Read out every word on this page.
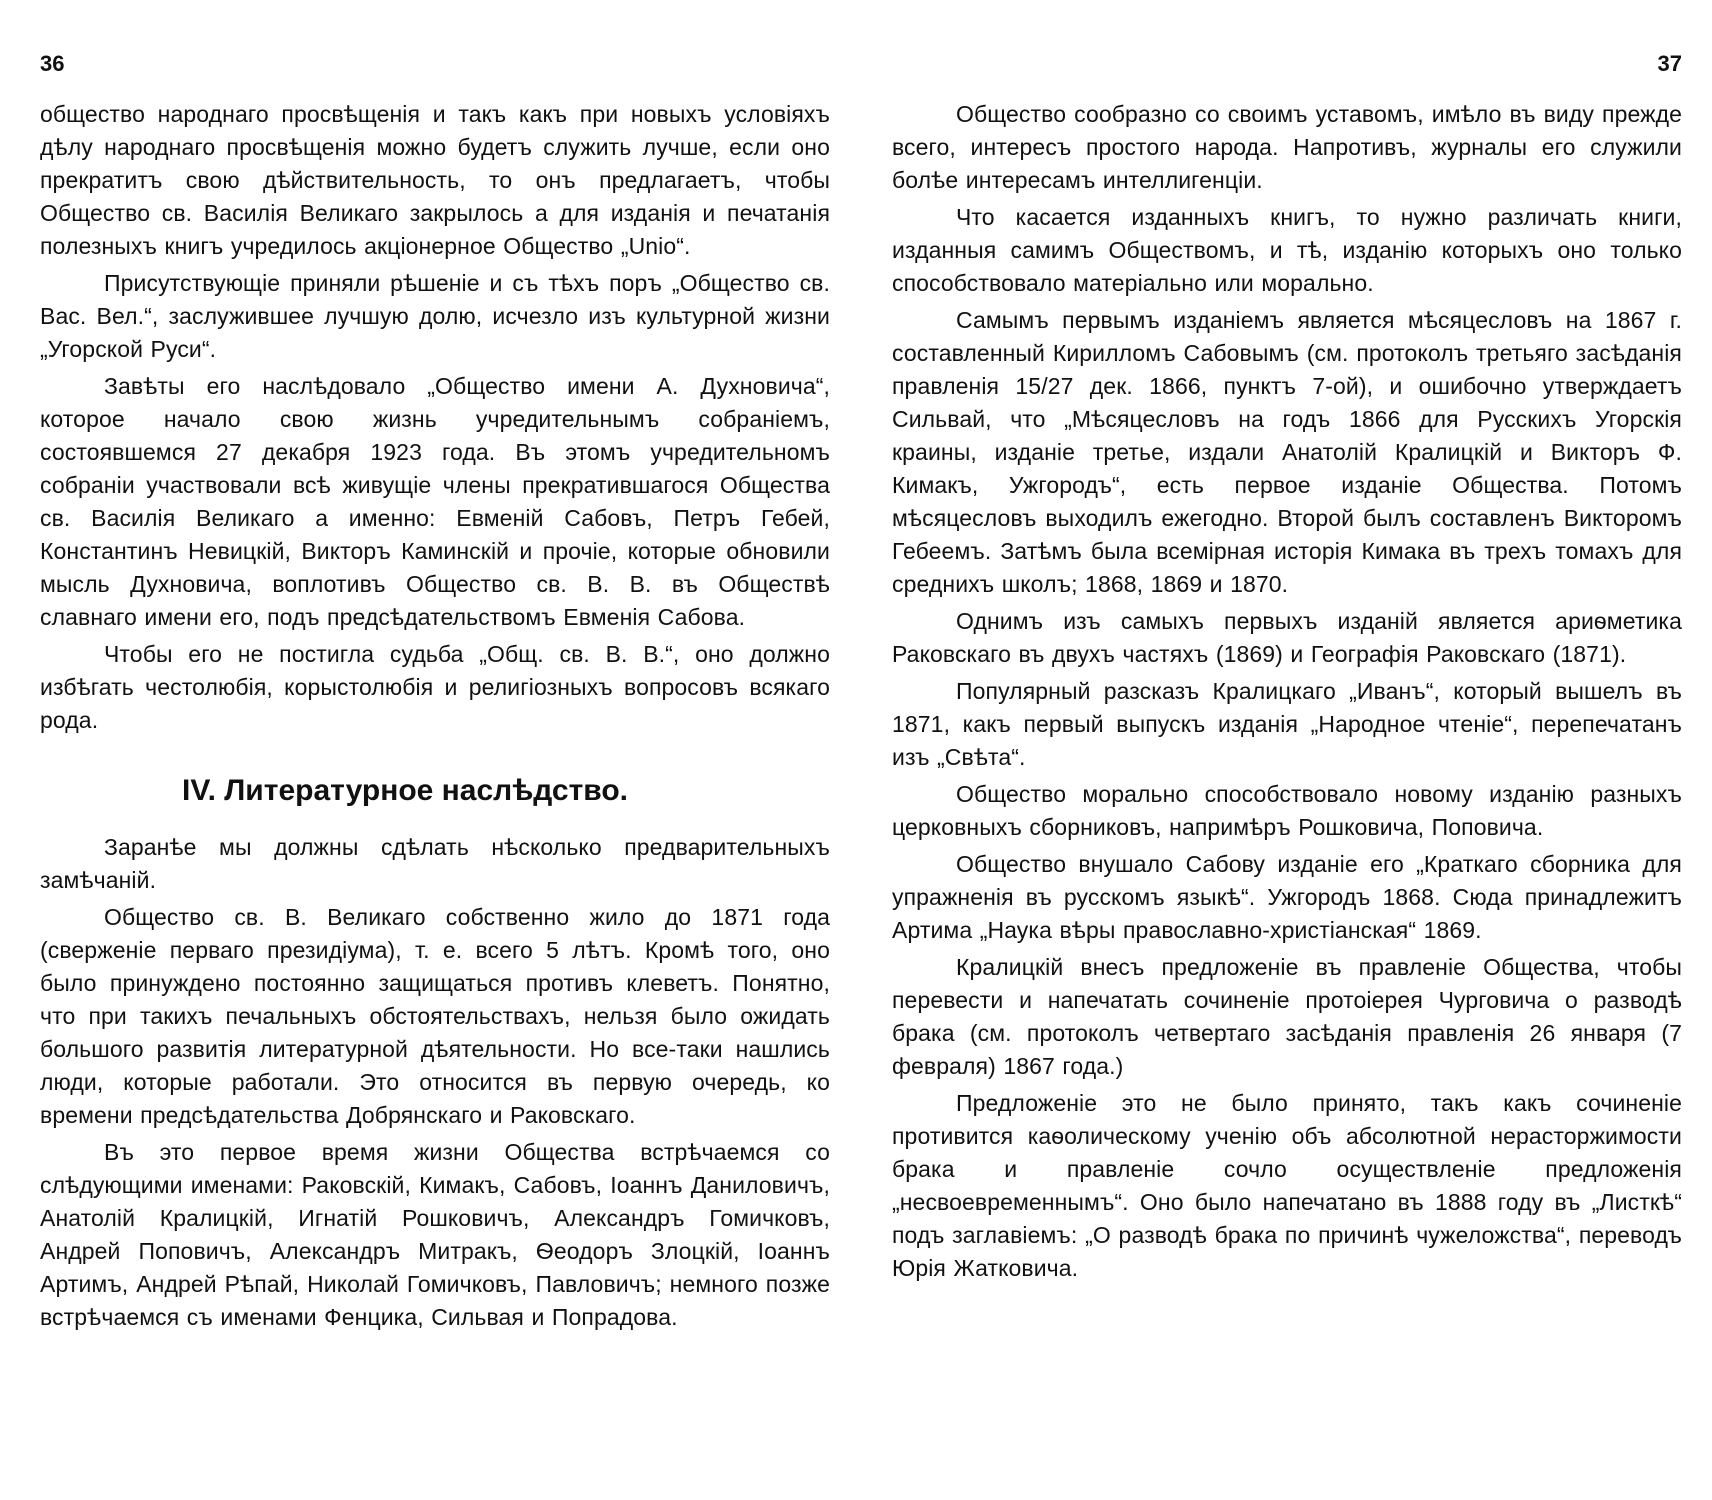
36

общество народнаго просвѣщенія и такъ какъ при новыхъ условіяхъ дѣлу народнаго просвѣщенія можно будетъ служить лучше, если оно прекратитъ свою дѣйствительность, то онъ предлагаетъ, чтобы Общество св. Василія Великаго закрылось а для изданія и печатанія полезныхъ книгъ учредилось акціонерное Общество „Unio“.

Присутствующіе приняли рѣшеніе и съ тѣхъ поръ „Общество св. Вас. Вел.“, заслужившее лучшую долю, исчезло изъ культурной жизни „Угорской Руси“.

Завѣты его наслѣдовало „Общество имени А. Духновича“, которое начало свою жизнь учредительнымъ собраніемъ, состоявшемся 27 декабря 1923 года. Въ этомъ учредительномъ собраніи участвовали всѣ живущіе члены прекратившагося Общества св. Василія Великаго а именно: Евменій Сабовъ, Петръ Гебей, Константинъ Невицкій, Викторъ Каминскій и прочіе, которые обновили мысль Духновича, воплотивъ Общество св. В. В. въ Обществѣ славнаго имени его, подъ предсѣдательствомъ Евменія Сабова.

Чтобы его не постигла судьба „Общ. св. В. В.“, оно должно избѣгать честолюбія, корыстолюбія и религіозныхъ вопросовъ всякаго рода.

IV. Литературное наслѣдство.

Заранѣе мы должны сдѣлать нѣсколько предварительныхъ замѣчаній.

Общество св. В. Великаго собственно жило до 1871 года (сверженіе перваго президіума), т. е. всего 5 лѣтъ. Кромѣ того, оно было принуждено постоянно защищаться противъ клеветъ. Понятно, что при такихъ печальныхъ обстоятельствахъ, нельзя было ожидать большого развитія литературной дѣятельности. Но все-таки нашлись люди, которые работали. Это относится въ первую очередь, ко времени предсѣдательства Добрянскаго и Раковскаго.

Въ это первое время жизни Общества встрѣчаемся со слѣдующими именами: Раковскій, Кимакъ, Сабовъ, Іоаннъ Даниловичъ, Анатолій Кралицкій, Игнатій Рошковичъ, Александръ Гомичковъ, Андрей Поповичъ, Александръ Митракъ, Ѳеодоръ Злоцкій, Іоаннъ Артимъ, Андрей Рѣпай, Николай Гомичковъ, Павловичъ; немного позже встрѣчаемся съ именами Фенцика, Сильвая и Попрадова.

37

Общество сообразно со своимъ уставомъ, имѣло въ виду прежде всего, интересъ простого народа. Напротивъ, журналы его служили болѣе интересамъ интеллигенціи.

Что касается изданныхъ книгъ, то нужно различать книги, изданныя самимъ Обществомъ, и тѣ, изданію которыхъ оно только способствовало матеріально или морально.

Самымъ первымъ изданіемъ является мѣсяцесловъ на 1867 г. составленный Кирилломъ Сабовымъ (см. протоколъ третьяго засѣданія правленія 15/27 дек. 1866, пунктъ 7-ой), и ошибочно утверждаетъ Сильвай, что „Мѣсяцесловъ на годъ 1866 для Русскихъ Угорскія краины, изданіе третье, издали Анатолій Кралицкій и Викторъ Ф. Кимакъ, Ужгородъ“, есть первое изданіе Общества. Потомъ мѣсяцесловъ выходилъ ежегодно. Второй былъ составленъ Викторомъ Гебеемъ. Затѣмъ была всемірная исторія Кимака въ трехъ томахъ для среднихъ школъ; 1868, 1869 и 1870.

Однимъ изъ самыхъ первыхъ изданій является ариѳметика Раковскаго въ двухъ частяхъ (1869) и Географія Раковскаго (1871).

Популярный разсказъ Кралицкаго „Иванъ“, который вышелъ въ 1871, какъ первый выпускъ изданія „Народное чтеніе“, перепечатанъ изъ „Свѣта“.

Общество морально способствовало новому изданію разныхъ церковныхъ сборниковъ, напримѣръ Рошковича, Поповича.

Общество внушало Сабову изданіе его „Краткаго сборника для упражненія въ русскомъ языкѣ“. Ужгородъ 1868. Сюда принадлежитъ Артима „Наука вѣры православно-христіанская“ 1869.

Кралицкій внесъ предложеніе въ правленіе Общества, чтобы перевести и напечатать сочиненіе протоіерея Чурговича о разводѣ брака (см. протоколъ четвертаго засѣданія правленія 26 января (7 февраля) 1867 года.)

Предложеніе это не было принято, такъ какъ сочиненіе противится каѳолическому ученію объ абсолютной нерасторжимости брака и правленіе сочло осуществленіе предложенія „несвоевременнымъ“. Оно было напечатано въ 1888 году въ „Листкѣ“ подъ заглавіемъ: „О разводѣ брака по причинѣ чужеложства“, переводъ Юрія Жатковича.
